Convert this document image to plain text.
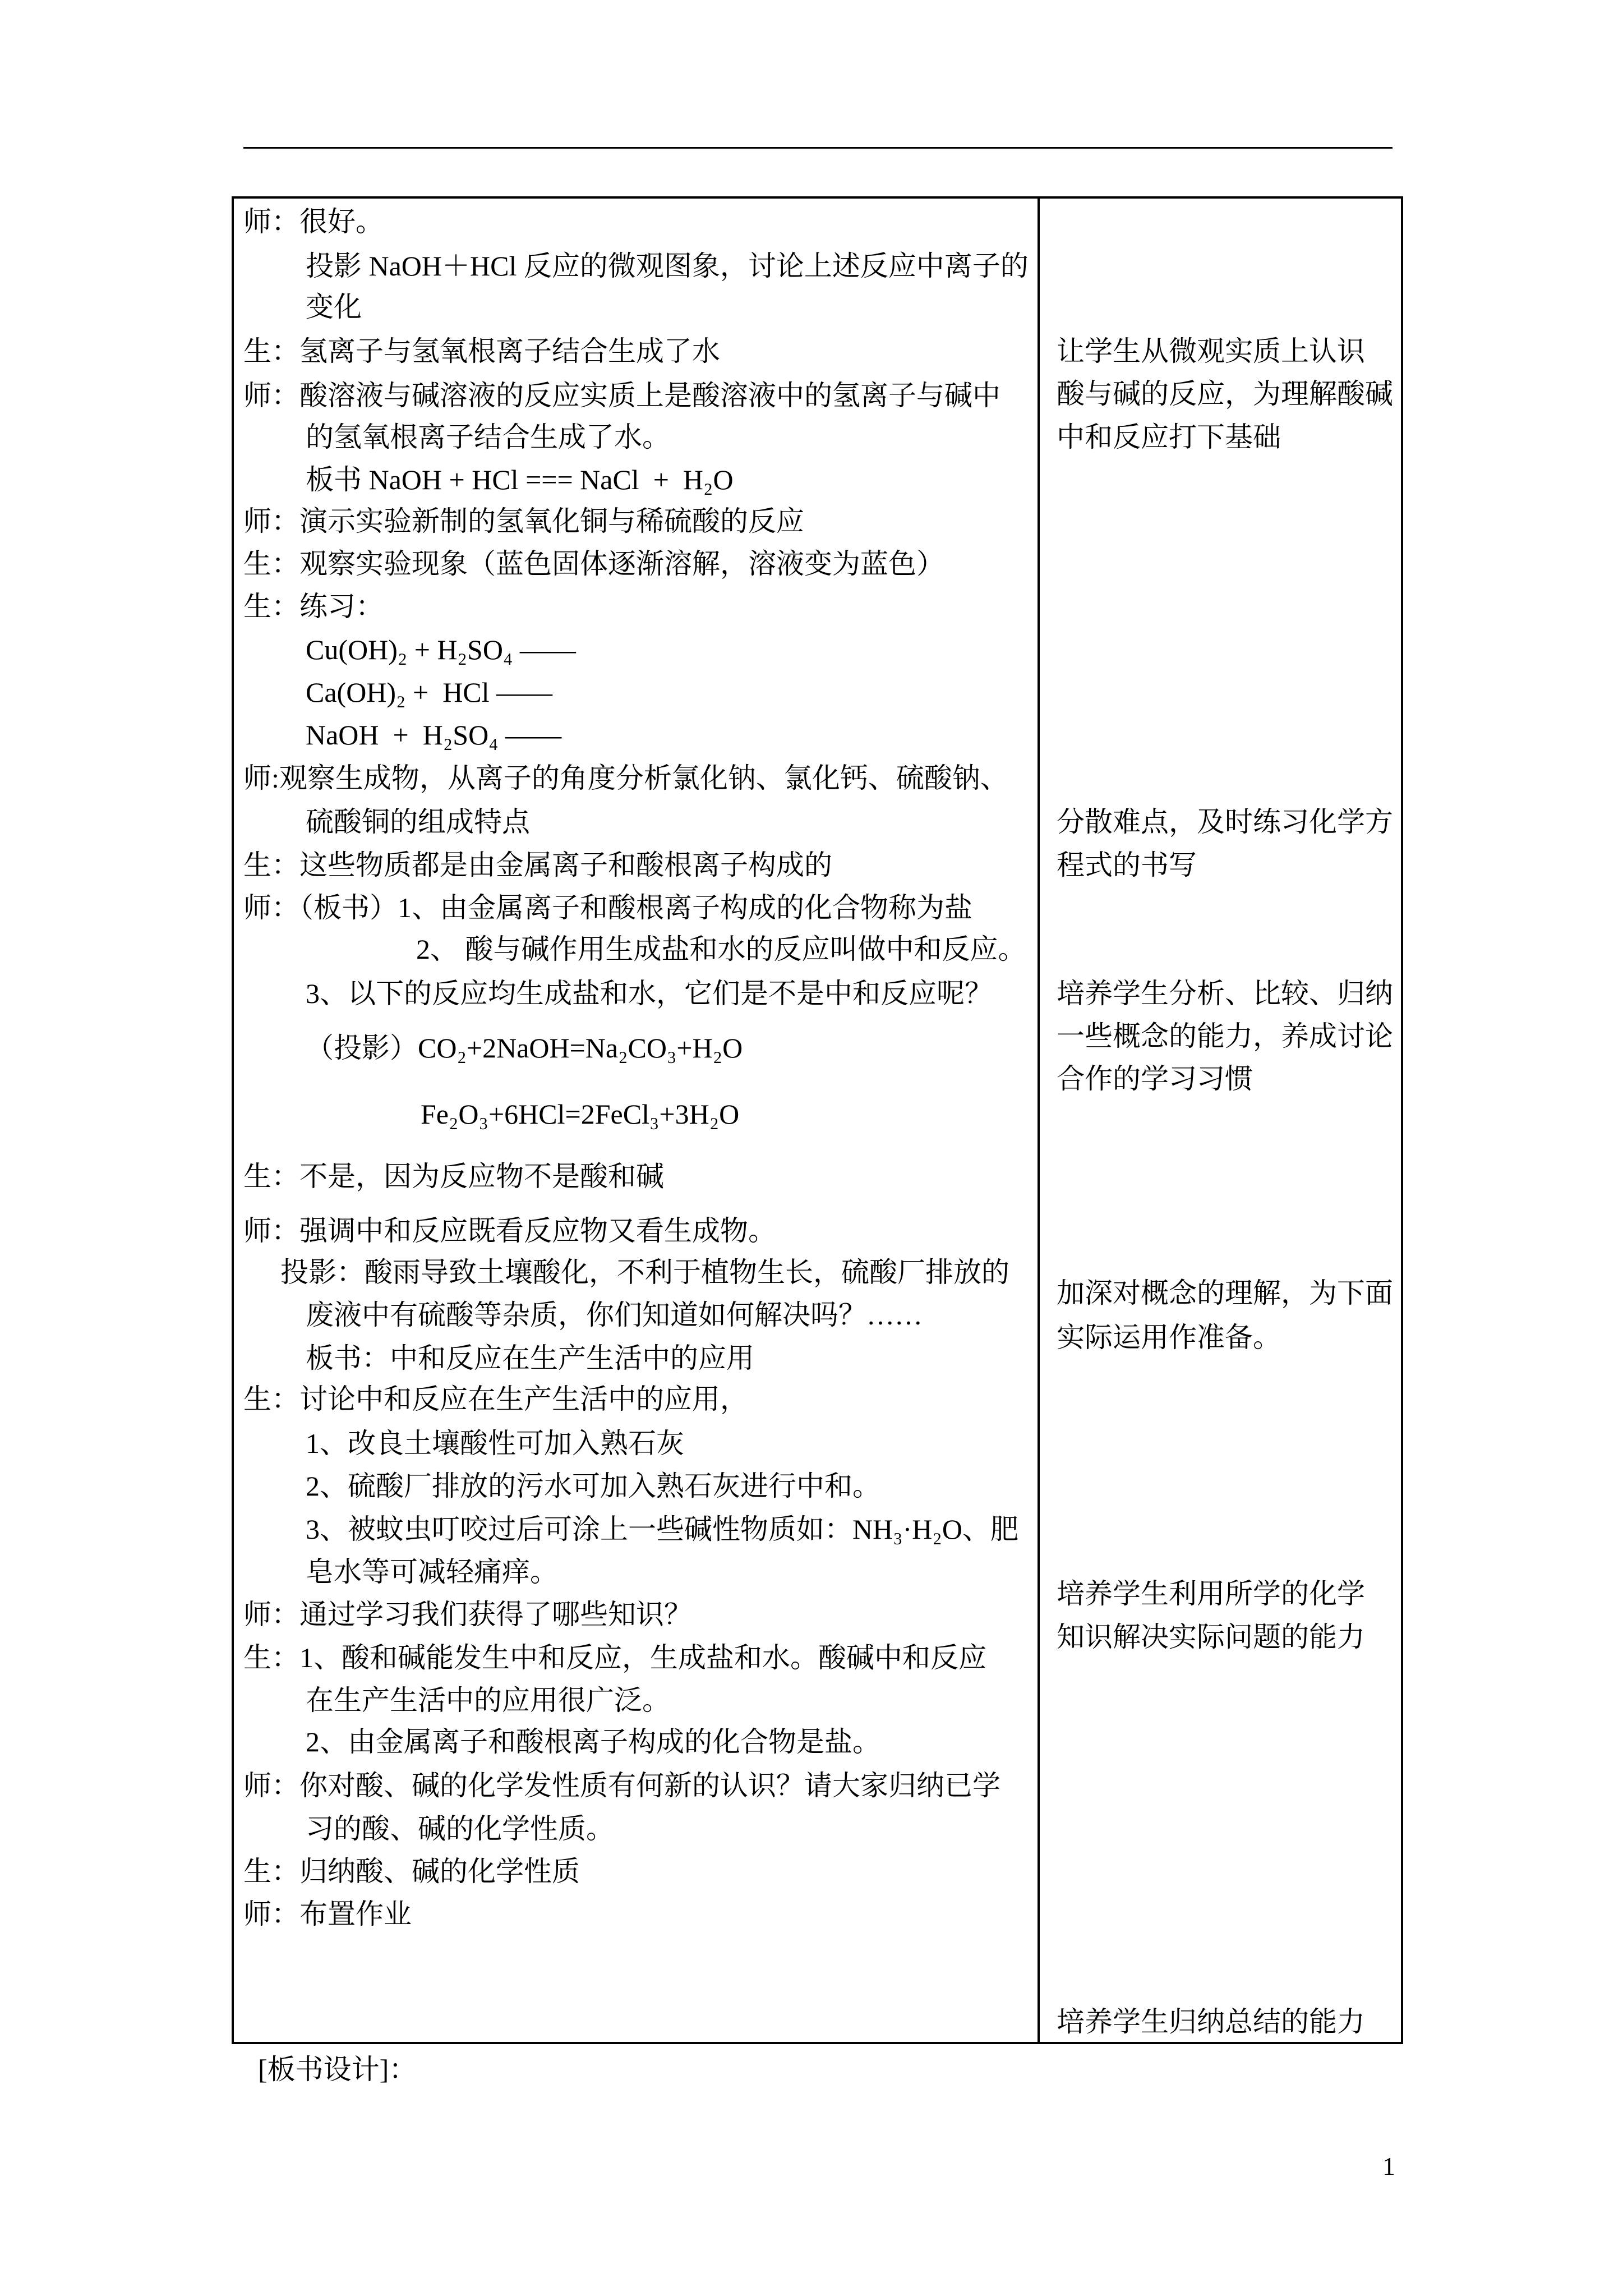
师：很好。
投影 NaOH＋HCl 反应的微观图象，讨论上述反应中离子的
变化
生：氢离子与氢氧根离子结合生成了水
师：酸溶液与碱溶液的反应实质上是酸溶液中的氢离子与碱中
的氢氧根离子结合生成了水。
板书 NaOH + HCl === NaCl  +  H₂O
师：演示实验新制的氢氧化铜与稀硫酸的反应
生：观察实验现象（蓝色固体逐渐溶解，溶液变为蓝色）
生：练习：
Cu(OH)₂ + H₂SO₄ ——
Ca(OH)₂ +  HCl ——
NaOH  +  H₂SO₄ ——
师:观察生成物，从离子的角度分析氯化钠、氯化钙、硫酸钠、
硫酸铜的组成特点
生：这些物质都是由金属离子和酸根离子构成的
师：（板书）1、由金属离子和酸根离子构成的化合物称为盐
2、 酸与碱作用生成盐和水的反应叫做中和反应。
3、以下的反应均生成盐和水，它们是不是中和反应呢？
（投影）CO₂+2NaOH=Na₂CO₃+H₂O
Fe₂O₃+6HCl=2FeCl₃+3H₂O
生：不是，因为反应物不是酸和碱
师：强调中和反应既看反应物又看生成物。
投影：酸雨导致土壤酸化，不利于植物生长，硫酸厂排放的
废液中有硫酸等杂质，你们知道如何解决吗？……
板书：中和反应在生产生活中的应用
生：讨论中和反应在生产生活中的应用，
1、改良土壤酸性可加入熟石灰
2、硫酸厂排放的污水可加入熟石灰进行中和。
3、被蚊虫叮咬过后可涂上一些碱性物质如：NH₃·H₂O、肥
皂水等可减轻痛痒。
师：通过学习我们获得了哪些知识？
生：1、酸和碱能发生中和反应，生成盐和水。酸碱中和反应
在生产生活中的应用很广泛。
2、由金属离子和酸根离子构成的化合物是盐。
师：你对酸、碱的化学发性质有何新的认识？请大家归纳已学
习的酸、碱的化学性质。
生：归纳酸、碱的化学性质
师：布置作业
让学生从微观实质上认识
酸与碱的反应，为理解酸碱
中和反应打下基础
分散难点，及时练习化学方
程式的书写
培养学生分析、比较、归纳
一些概念的能力，养成讨论
合作的学习习惯
加深对概念的理解，为下面
实际运用作准备。
培养学生利用所学的化学
知识解决实际问题的能力
培养学生归纳总结的能力
[板书设计]：
1
